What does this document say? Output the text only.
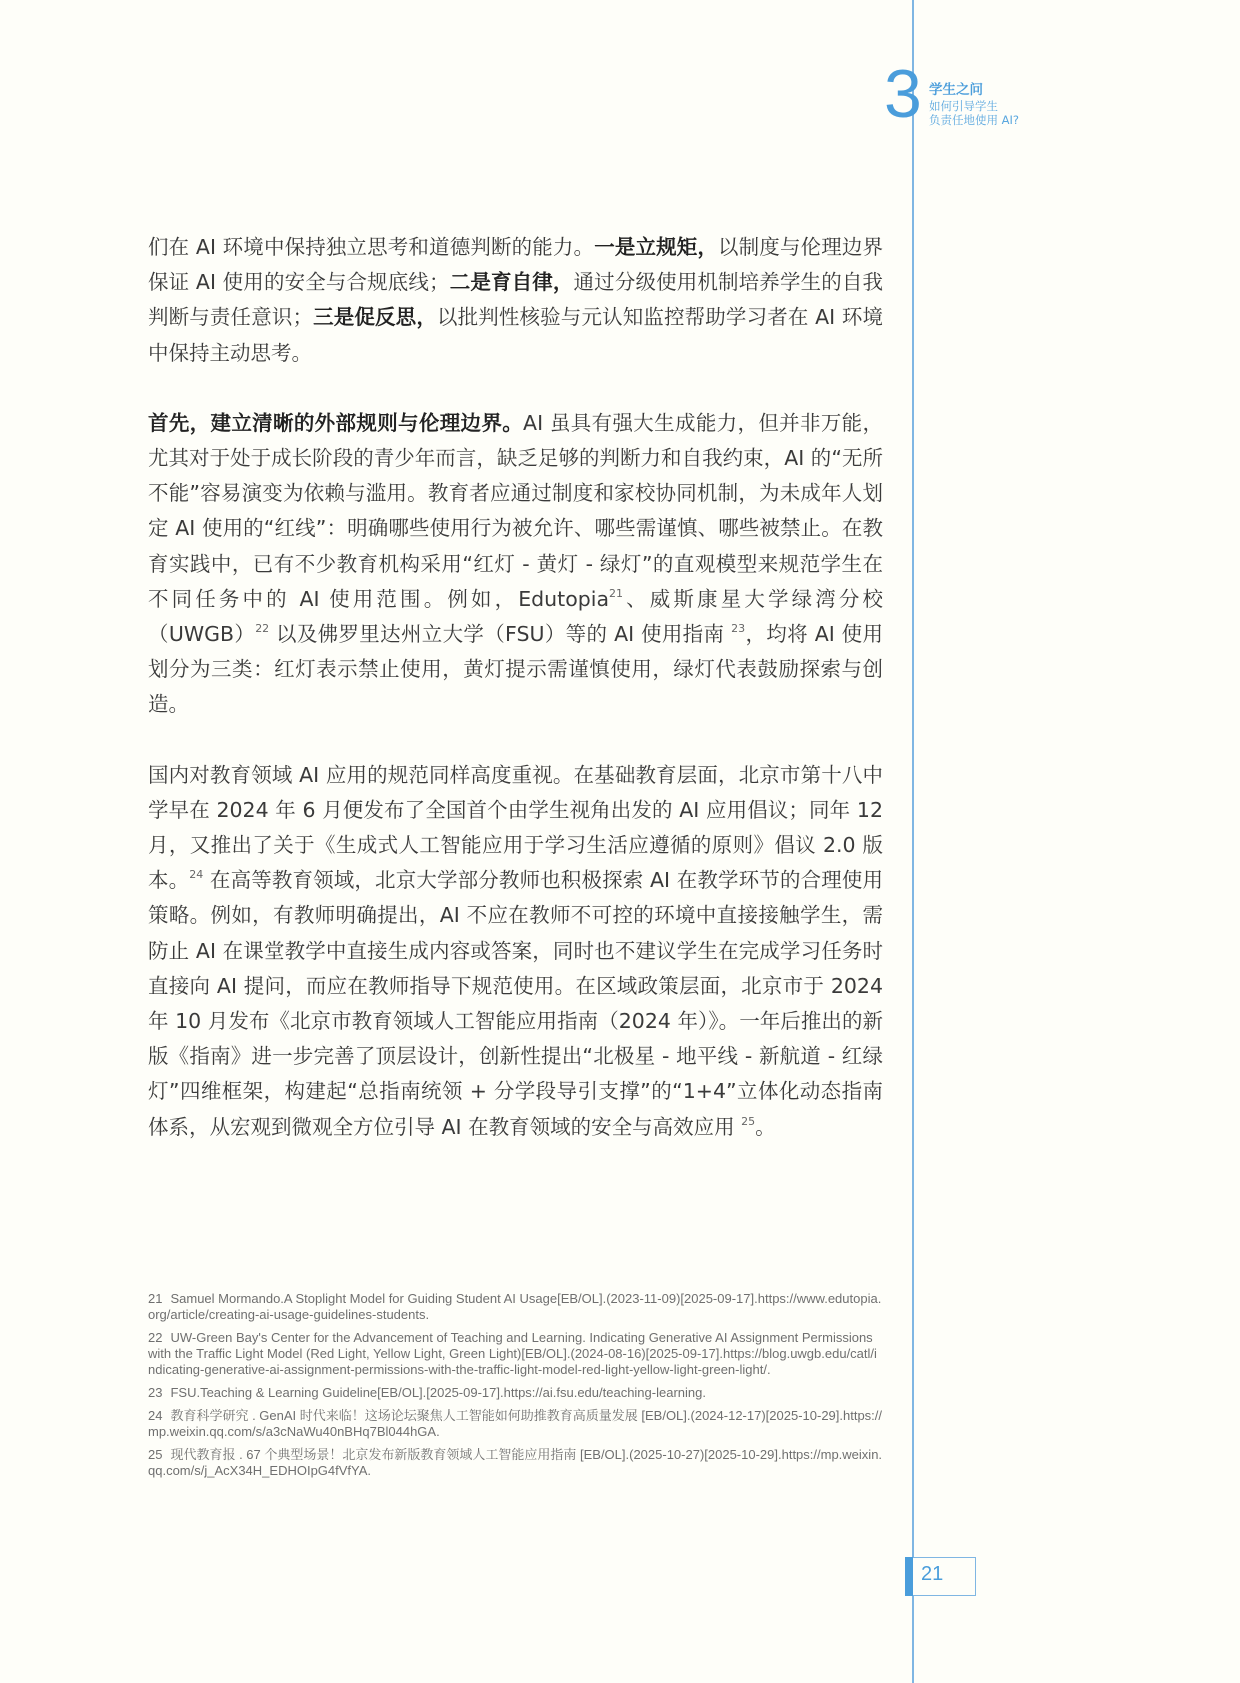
3 学生之问
如何引导学生
负责任地使用 AI?

们在 AI 环境中保持独立思考和道德判断的能力。一是立规矩，以制度与伦理边界保证 AI 使用的安全与合规底线；二是育自律，通过分级使用机制培养学生的自我判断与责任意识；三是促反思，以批判性核验与元认知监控帮助学习者在 AI 环境中保持主动思考。

首先，建立清晰的外部规则与伦理边界。AI 虽具有强大生成能力，但并非万能，尤其对于处于成长阶段的青少年而言，缺乏足够的判断力和自我约束，AI 的“无所不能”容易演变为依赖与滥用。教育者应通过制度和家校协同机制，为未成年人划定 AI 使用的“红线”：明确哪些使用行为被允许、哪些需谨慎、哪些被禁止。在教育实践中，已有不少教育机构采用“红灯 - 黄灯 - 绿灯”的直观模型来规范学生在不同任务中的 AI 使用范围。例如，Edutopia$^{21}$、威斯康星大学绿湾分校（UWGB）$^{22}$ 以及佛罗里达州立大学（FSU）等的 AI 使用指南 $^{23}$，均将 AI 使用划分为三类：红灯表示禁止使用，黄灯提示需谨慎使用，绿灯代表鼓励探索与创造。

国内对教育领域 AI 应用的规范同样高度重视。在基础教育层面，北京市第十八中学早在 2024 年 6 月便发布了全国首个由学生视角出发的 AI 应用倡议；同年 12 月，又推出了关于《生成式人工智能应用于学习生活应遵循的原则》倡议 2.0 版本。$^{24}$ 在高等教育领域，北京大学部分教师也积极探索 AI 在教学环节的合理使用策略。例如，有教师明确提出，AI 不应在教师不可控的环境中直接接触学生，需防止 AI 在课堂教学中直接生成内容或答案，同时也不建议学生在完成学习任务时直接向 AI 提问，而应在教师指导下规范使用。在区域政策层面，北京市于 2024 年 10 月发布《北京市教育领域人工智能应用指南（2024 年）》。一年后推出的新版《指南》进一步完善了顶层设计，创新性提出“北极星 - 地平线 - 新航道 - 红绿灯”四维框架，构建起“总指南统领 + 分学段导引支撑”的“1+4”立体化动态指南体系，从宏观到微观全方位引导 AI 在教育领域的安全与高效应用 $^{25}$。

21 Samuel Mormando.A Stoplight Model for Guiding Student AI Usage[EB/OL].(2023-11-09)[2025-09-17].https://www.edutopia.org/article/creating-ai-usage-guidelines-students.
22 UW-Green Bay's Center for the Advancement of Teaching and Learning. Indicating Generative AI Assignment Permissions with the Traffic Light Model (Red Light, Yellow Light, Green Light)[EB/OL].(2024-08-16)[2025-09-17].https://blog.uwgb.edu/catl/indicating-generative-ai-assignment-permissions-with-the-traffic-light-model-red-light-yellow-light-green-light/.
23 FSU.Teaching & Learning Guideline[EB/OL].[2025-09-17].https://ai.fsu.edu/teaching-learning.
24 教育科学研究 . GenAI 时代来临！这场论坛聚焦人工智能如何助推教育高质量发展 [EB/OL].(2024-12-17)[2025-10-29].https://mp.weixin.qq.com/s/a3cNaWu40nBHq7Bl044hGA.
25 现代教育报 . 67 个典型场景！北京发布新版教育领域人工智能应用指南 [EB/OL].(2025-10-27)[2025-10-29].https://mp.weixin.qq.com/s/j_AcX34H_EDHOIpG4fVfYA.
21
